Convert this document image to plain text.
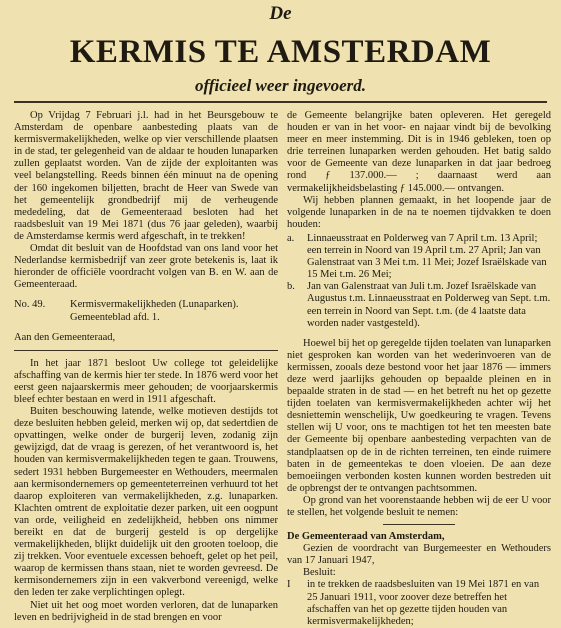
De
KERMIS TE AMSTERDAM
officieel weer ingevoerd.

Op Vrijdag 7 Februari j.l. had in het Beursgebouw te Amsterdam de openbare aanbesteding plaats van de kermisvermakelijkheden, welke op vier verschillende plaatsen in de stad, ter gelegenheid van de aldaar te houden lunaparken zullen geplaatst worden. Van de zijde der exploitanten was veel belangstelling. Reeds binnen één minuut na de opening der 160 ingekomen biljetten, bracht de Heer van Swede van het gemeentelijk grondbedrijf mij de verheugende mededeling, dat de Gemeenteraad besloten had het raadsbesluit van 19 Mei 1871 (dus 76 jaar geleden), waarbij de Amsterdamse kermis werd afgeschaft, in te trekken!

Omdat dit besluit van de Hoofdstad van ons land voor het Nederlandse kermisbedrijf van zeer grote betekenis is, laat ik hieronder de officiële voordracht volgen van B. en W. aan de Gemeenteraad.

No. 49.	Kermisvermakelijkheden (Lunaparken).
Gemeenteblad afd. 1.

Aan den Gemeenteraad,

In het jaar 1871 besloot Uw college tot geleidelijke afschaffing van de kermis hier ter stede. In 1876 werd voor het eerst geen najaarskermis meer gehouden; de voorjaarskermis bleef echter bestaan en werd in 1911 afgeschaft.

Buiten beschouwing latende, welke motieven destijds tot deze besluiten hebben geleid, merken wij op, dat sedertdien de opvattingen, welke onder de burgerij leven, zodanig zijn gewijzigd, dat de vraag is gerezen, of het verantwoord is, het houden van kermisvermakelijkheden tegen te gaan. Trouwens, sedert 1931 hebben Burgemeester en Wethouders, meermalen aan kermisondernemers op gemeenteterreinen verhuurd tot het daarop exploiteren van vermakelijkheden, z.g. lunaparken. Klachten omtrent de exploitatie dezer parken, uit een oogpunt van orde, veiligheid en zedelijkheid, hebben ons nimmer bereikt en dat de burgerij gesteld is op dergelijke vermakelijkheden, blijkt duidelijk uit den grooten toeloop, die zij trekken. Voor eventuele excessen behoeft, gelet op het peil, waarop de kermissen thans staan, niet te worden gevreesd. De kermisondernemers zijn in een vakverbond vereenigd, welke den leden ter zake verplichtingen oplegt.

Niet uit het oog moet worden verloren, dat de lunaparken leven en bedrijvigheid in de stad brengen en voor

de Gemeente belangrijke baten opleveren. Het geregeld houden er van in het voor- en najaar vindt bij de bevolking meer en meer instemming. Dit is in 1946 gebleken, toen op drie terreinen lunaparken werden gehouden. Het batig saldo voor de Gemeente van deze lunaparken in dat jaar bedroeg rond ƒ 137.000.— ; daarnaast werd aan vermakelijkheidsbelasting ƒ 145.000.— ontvangen.

Wij hebben plannen gemaakt, in het loopende jaar de volgende lunaparken in de na te noemen tijdvakken te doen houden:

a.	Linnaeusstraat en Polderweg van 7 April t.m. 13 April; een terrein in Noord van 19 April t.m. 27 April; Jan van Galenstraat van 3 Mei t.m. 11 Mei; Jozef Israëlskade van 15 Mei t.m. 26 Mei;
b.	Jan van Galenstraat van Juli t.m. Jozef Israëlskade van Augustus t.m. Linnaeusstraat en Polderweg van Sept. t.m. een terrein in Noord van Sept. t.m. (de 4 laatste data worden nader vastgesteld).

Hoewel bij het op geregelde tijden toelaten van lunaparken niet gesproken kan worden van het wederinvoeren van de kermissen, zooals deze bestond voor het jaar 1876 — immers deze werd jaarlijks gehouden op bepaalde pleinen en in bepaalde straten in de stad — en het betreft nu het op gezette tijden toelaten van kermisvermakelijkheden achter wij het desniettemin wenschelijk, Uw goedkeuring te vragen. Tevens stellen wij U voor, ons te machtigen tot het ten meesten bate der Gemeente bij openbare aanbesteding verpachten van de standplaatsen op de in de richten terreinen, ten einde ruimere baten in de gemeentekas te doen vloeien. De aan deze bemoeiingen verbonden kosten kunnen worden bestreden uit de opbrengst der te ontvangen pachtsommen.

Op grond van het voorenstaande hebben wij de eer U voor te stellen, het volgende besluit te nemen:

De Gemeenteraad van Amsterdam,

Gezien de voordracht van Burgemeester en Wethouders van 17 Januari 1947,

Besluit:

I	in te trekken de raadsbesluiten van 19 Mei 1871 en van 25 Januari 1911, voor zoover deze betreffen het afschaffen van het op gezette tijden houden van kermisvermakelijkheden;
